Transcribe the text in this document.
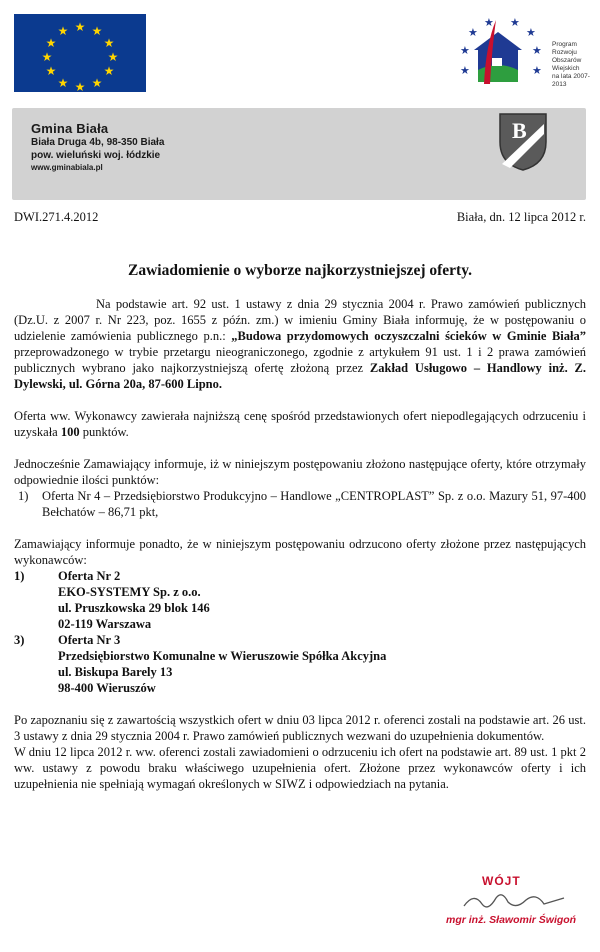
★ ★
★
★
★
★
★
★
★
★
★
★
★
★
★ ★
★
★
★	★
Program
Rozwoju
Obszarów
Wiejskich
na lata 2007-2013
Gmina Biała
Biała Druga 4b, 98-350 Biała
pow. wieluński woj. łódzkie
www.gminabiala.pl
B
DWI.271.4.2012	Biała, dn. 12 lipca 2012 r.
Zawiadomienie o wyborze najkorzystniejszej oferty.

Na podstawie art. 92 ust. 1 ustawy z dnia 29 stycznia 2004 r. Prawo zamówień publicznych (Dz.U. z 2007 r. Nr 223, poz. 1655 z późn. zm.) w imieniu Gminy Biała informuję, że w postępowaniu o udzielenie zamówienia publicznego p.n.: „Budowa przydomowych oczyszczalni ścieków w Gminie Biała” przeprowadzonego w trybie przetargu nieograniczonego, zgodnie z artykułem 91 ust. 1 i 2 prawa zamówień publicznych wybrano jako najkorzystniejszą ofertę złożoną przez Zakład Usługowo – Handlowy inż. Z. Dylewski, ul. Górna 20a, 87-600 Lipno.

Oferta ww. Wykonawcy zawierała najniższą cenę spośród przedstawionych ofert niepodlegających odrzuceniu i uzyskała 100 punktów.

Jednocześnie Zamawiający informuje, iż w niniejszym postępowaniu złożono następujące oferty, które otrzymały odpowiednie ilości punktów:

1)	Oferta Nr 4 – Przedsiębiorstwo Produkcyjno – Handlowe „CENTROPLAST” Sp. z o.o. Mazury 51, 97-400 Bełchatów – 86,71 pkt,

Zamawiający informuje ponadto, że w niniejszym postępowaniu odrzucono oferty złożone przez następujących wykonawców:

1)	Oferta Nr 2
EKO-SYSTEMY Sp. z o.o.
ul. Pruszkowska 29 blok 146
02-119 Warszawa
3)	Oferta Nr 3
Przedsiębiorstwo Komunalne w Wieruszowie Spółka Akcyjna
ul. Biskupa Barely 13
98-400 Wieruszów

Po zapoznaniu się z zawartością wszystkich ofert w dniu 03 lipca 2012 r. oferenci zostali na podstawie art. 26 ust. 3 ustawy z dnia 29 stycznia 2004 r. Prawo zamówień publicznych wezwani do uzupełnienia dokumentów.

W dniu 12 lipca 2012 r. ww. oferenci zostali zawiadomieni o odrzuceniu ich ofert na podstawie art. 89 ust. 1 pkt 2 ww. ustawy z powodu braku właściwego uzupełnienia ofert. Złożone przez wykonawców oferty i ich uzupełnienia nie spełniają wymagań określonych w SIWZ i odpowiedziach na pytania.

WÓJT
mgr inż. Sławomir Świgoń
